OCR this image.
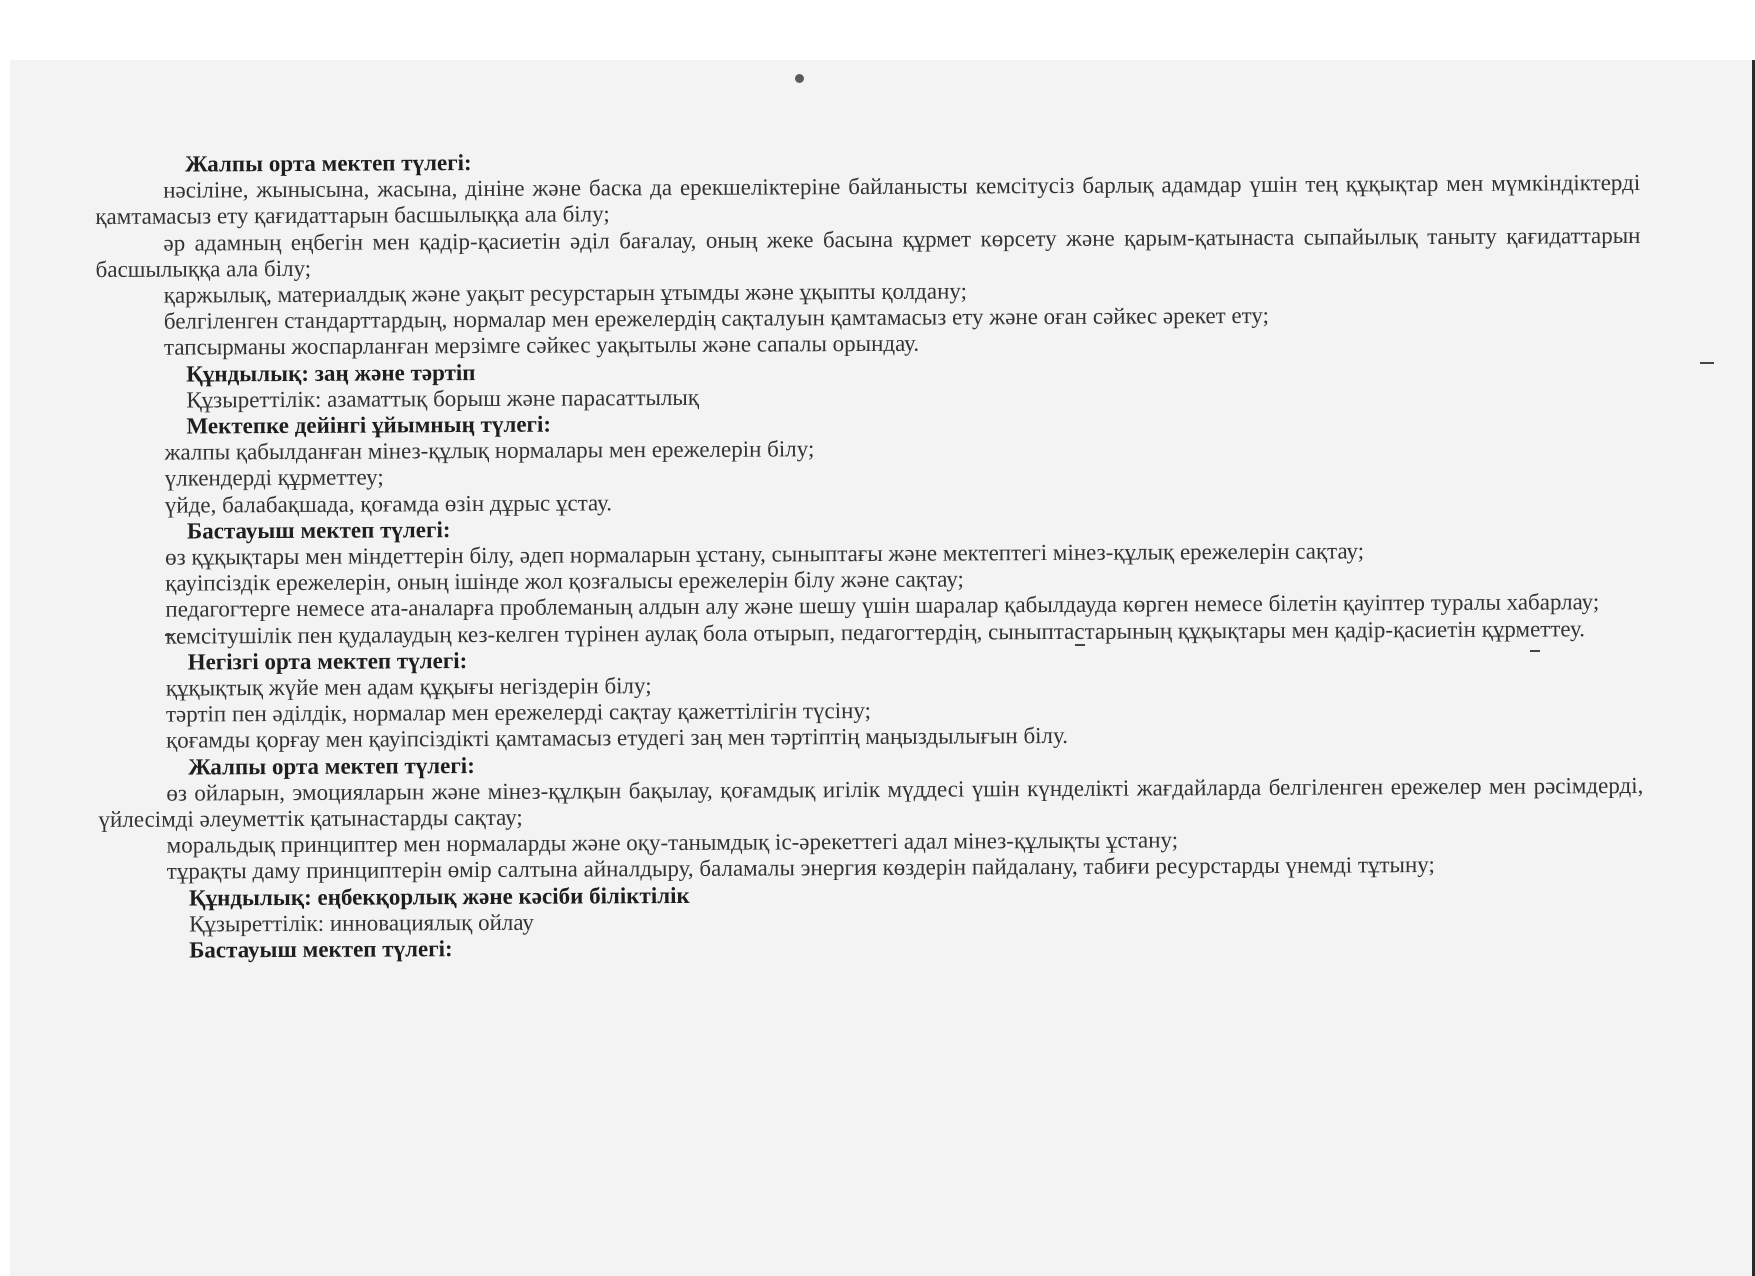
Жалпы орта мектеп түлегі:

нәсіліне, жынысына, жасына, дініне және баска да ерекшеліктеріне байланысты кемсітусіз барлық адамдар үшін тең құқықтар мен мүмкіндіктерді қамтамасыз ету қағидаттарын басшылыққа ала білу;

әр адамның еңбегін мен қадір-қасиетін әділ бағалау, оның жеке басына құрмет көрсету және қарым-қатынаста сыпайылық таныту қағидаттарын басшылыққа ала білу;

қаржылық, материалдық және уақыт ресурстарын ұтымды және ұқыпты қолдану;

белгіленген стандарттардың, нормалар мен ережелердің сақталуын қамтамасыз ету және оған сәйкес әрекет ету;

тапсырманы жоспарланған мерзімге сәйкес уақытылы және сапалы орындау.

Құндылық: заң және тәртіп

Құзыреттілік: азаматтық борыш және парасаттылық

Мектепке дейінгі ұйымның түлегі:

жалпы қабылданған мінез-құлық нормалары мен ережелерін білу;

үлкендерді құрметтеу;

үйде, балабақшада, қоғамда өзін дұрыс ұстау.

Бастауыш мектеп түлегі:

өз құқықтары мен міндеттерін білу, әдеп нормаларын ұстану, сыныптағы және мектептегі мінез-құлық ережелерін сақтау;

қауіпсіздік ережелерін, оның ішінде жол қозғалысы ережелерін білу және сақтау;

педагогтерге немесе ата-аналарға проблеманың алдын алу және шешу үшін шаралар қабылдауда көрген немесе білетін қауіптер туралы хабарлау;

кемсітушілік пен қудалаудың кез-келген түрінен аулақ бола отырып, педагогтердің, сыныптастарының құқықтары мен қадір-қасиетін құрметтеу.

Негізгі орта мектеп түлегі:

құқықтық жүйе мен адам құқығы негіздерін білу;

тәртіп пен әділдік, нормалар мен ережелерді сақтау қажеттілігін түсіну;

қоғамды қорғау мен қауіпсіздікті қамтамасыз етудегі заң мен тәртіптің маңыздылығын білу.

Жалпы орта мектеп түлегі:

өз ойларын, эмоцияларын және мінез-құлқын бақылау, қоғамдық игілік мүддесі үшін күнделікті жағдайларда белгіленген ережелер мен рәсімдерді, үйлесімді әлеуметтік қатынастарды сақтау;

моральдық принциптер мен нормаларды және оқу-танымдық іс-әрекеттегі адал мінез-құлықты ұстану;

тұрақты даму принциптерін өмір салтына айналдыру, баламалы энергия көздерін пайдалану, табиғи ресурстарды үнемді тұтыну;

Құндылық: еңбекқорлық және кәсіби біліктілік

Құзыреттілік: инновациялық ойлау

Бастауыш мектеп түлегі:
